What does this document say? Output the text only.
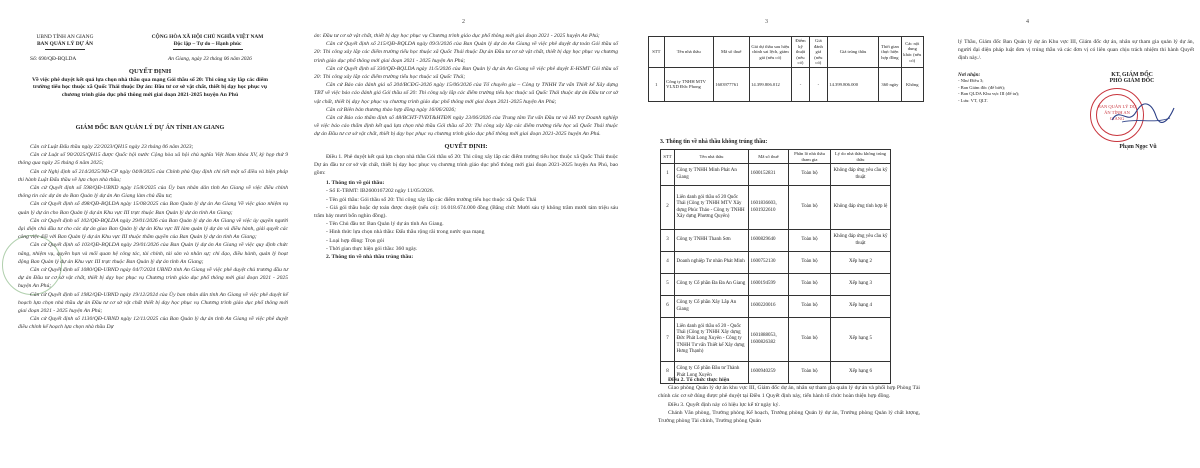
UBND TỈNH AN GIANG
BAN QUẢN LÝ DỰ ÁN
CỘNG HÒA XÃ HỘI CHỦ NGHĨA VIỆT NAM
Độc lập – Tự do – Hạnh phúc
Số: 690/QĐ-BQLDA	An Giang, ngày 23 tháng 06 năm 2026
QUYẾT ĐỊNH
Về việc phê duyệt kết quả lựa chọn nhà thầu qua mạng Gói thầu số 20: Thi công xây lắp các điểm trường tiểu học thuộc xã Quốc Thái thuộc Dự án: Đầu tư cơ sở vật chất, thiết bị dạy học phục vụ chương trình giáo dục phổ thông mới giai đoạn 2021-2025 huyện An Phú
GIÁM ĐỐC BAN QUẢN LÝ DỰ ÁN TỈNH AN GIANG
Căn cứ Luật Đấu thầu ngày 22/2023/QH15 ngày 23 tháng 06 năm 2023;
Căn cứ Luật số 90/2025/QH15 được Quốc hội nước Cộng hòa xã hội chủ nghĩa Việt Nam khóa XV, kỳ họp thứ 9 thông qua ngày 25 tháng 6 năm 2025;
Căn cứ Nghị định số 214/2025/NĐ-CP ngày 04/8/2025 của Chính phủ Quy định chi tiết một số điều và biện pháp thi hành Luật Đấu thầu về lựa chọn nhà thầu;
Căn cứ Quyết định số 598/QĐ-UBND ngày 15/8/2025 của Ủy ban nhân dân tỉnh An Giang về việc điều chỉnh thông tin các dự án do Ban Quản lý dự án An Giang làm chủ đầu tư;
Căn cứ Quyết định số 498/QĐ-BQLDA ngày 15/08/2025 của Ban Quản lý dự án An Giang Về việc giao nhiệm vụ quản lý dự án cho Ban Quản lý dự án Khu vực III trực thuộc Ban Quản lý dự án tỉnh An Giang;
Căn cứ Quyết định số 102/QĐ-BQLDA ngày 29/01/2026 của Ban Quản lý dự án An Giang về việc ủy quyền người đại diện chủ đầu tư cho các dự án giao Ban Quản lý dự án Khu vực III làm quản lý dự án và điều hành, giải quyết các công việc đối với Ban Quản lý dự án Khu vực III thuộc thẩm quyền của Ban Quản lý dự án tỉnh An Giang;
Căn cứ Quyết định số 103/QĐ-BQLDA ngày 29/01/2026 của Ban Quản lý dự án An Giang về việc quy định chức năng, nhiệm vụ, quyền hạn và mối quan hệ công tác, tài chính, tài sản và nhân sự; chi đạo, điều hành, quản lý hoạt động Ban Quản lý dự án Khu vực III trực thuộc Ban Quản lý dự án tỉnh An Giang;
Căn cứ Quyết định số 1080/QĐ-UBND ngày 04/7/2024 UBND tỉnh An Giang về việc phê duyệt chủ trương đầu tư dự án Đầu tư cơ sở vật chất, thiết bị dạy học phục vụ Chương trình giáo dục phổ thông mới giai đoạn 2021 - 2025 huyện An Phú;
Căn cứ Quyết định số 1982/QĐ-UBND ngày 19/12/2024 của Ủy ban nhân dân tỉnh An Giang về việc phê duyệt kế hoạch lựa chọn nhà thầu dự án Đầu tư cơ sở vật chất thiết bị dạy học phục vụ Chương trình giáo dục phổ thông mới giai đoạn 2021 - 2025 huyện An Phú;
Căn cứ Quyết định số 1130/QĐ-UBND ngày 12/11/2025 của Ban Quản lý dự án tỉnh An Giang về việc phê duyệt điều chỉnh kế hoạch lựa chọn nhà thầu Dự
2
án: Đầu tư cơ sở vật chất, thiết bị dạy học phục vụ Chương trình giáo dục phổ thông mới giai đoạn 2021 - 2025 huyện An Phú;
Căn cứ Quyết định số 215/QĐ-BQLDA ngày 09/3/2026 của Ban Quản lý dự án An Giang về việc phê duyệt dự toán Gói thầu số 20: Thi công xây lắp các điểm trường tiểu học thuộc xã Quốc Thái thuộc Dự án Đầu tư cơ sở vật chất, thiết bị dạy học phục vụ chương trình giáo dục phổ thông mới giai đoạn 2021 - 2025 huyện An Phú;
Căn cứ Quyết định số 330/QĐ-BQLDA ngày 11/5/2026 của Ban Quản lý dự án An Giang về việc phê duyệt E-HSMT Gói thầu số 20: Thi công xây lắp các điểm trường tiểu học thuộc xã Quốc Thái;
Căn cứ Báo cáo đánh giá số 204/BCĐG-2026 ngày 15/06/2026 của Tổ chuyên gia – Công ty TNHH Tư vấn Thiết kế Xây dựng TBT về việc báo cáo đánh giá Gói thầu số 20: Thi công xây lắp các điểm trường tiểu học thuộc xã Quốc Thái thuộc dự án Đầu tư cơ sở vật chất, thiết bị dạy học phục vụ chương trình giáo dục phổ thông mới giai đoạn 2021-2025 huyện An Phú;
Căn cứ Biên bản thương thảo hợp đồng ngày 16/06/2026;
Căn cứ Báo cáo thẩm định số 48/BCHT-TVĐT&HTĐN ngày 23/06/2026 của Trung tâm Tư vấn Đầu tư và Hỗ trợ Doanh nghiệp về việc báo cáo thẩm định kết quả lựa chọn nhà thầu Gói thầu số 20: Thi công xây lắp các điểm trường tiểu học xã Quốc Thái thuộc dự án Đầu tư cơ sở vật chất, thiết bị dạy học phục vụ chương trình giáo dục phổ thông mới giai đoạn 2021-2025 huyện An Phú.
QUYẾT ĐỊNH:
Điều 1. Phê duyệt kết quả lựa chọn nhà thầu Gói thầu số 20: Thi công xây lắp các điểm trường tiểu học thuộc xã Quốc Thái thuộc Dự án đầu tư cơ sở vật chất, thiết bị dạy học phục vụ chương trình giáo dục phổ thông mới giai đoạn 2021-2025 huyện An Phú, bao gồm:
1. Thông tin về gói thầu:
- Số E-TBMT: IB2600167202 ngày 11/05/2026.
- Tên gói thầu: Gói thầu số 20: Thi công xây lắp các điểm trường tiểu học thuộc xã Quốc Thái
- Giá gói thầu hoặc dự toán được duyệt (nếu có): 16.018.674.000 đồng (Bằng chữ: Mười sáu tỷ không trăm mười tám triệu sáu trăm bảy mươi bốn nghìn đồng).
- Tên Chủ đầu tư: Ban Quản lý dự án tỉnh An Giang.
- Hình thức lựa chọn nhà thầu: Đấu thầu rộng rãi trong nước qua mạng
- Loại hợp đồng: Trọn gói
- Thời gian thực hiện gói thầu: 360 ngày.
2. Thông tin về nhà thầu trúng thầu:
3
STT	Tên nhà thầu	Mã số thuế	Giá dự thầu sau hiệu chỉnh sai lệch, giảm giá (nếu có)	Điểm kỹ thuật (nếu có)	Giá đánh giá (nếu có)	Giá trúng thầu	Thời gian thực hiện hợp đồng	Các nội dung khác (nếu có)
1	Công ty TNHH MTV VLXD Đức Phong	1603977761	14.399.806.012	-	-	14.399.806.000	360 ngày	Không
3. Thông tin về nhà thầu không trúng thầu:
STT	Tên nhà thầu	Mã số thuế	Phần lô nhà thầu tham gia	Lý do nhà thầu không trúng thầu
1	Công ty TNHH Minh Phát An Giang	1600152831	Toàn bộ	Không đáp ứng yêu cầu kỹ thuật
2	Liên danh gói thầu số 20 Quốc Thái (Công ty TNHH MTV Xây dựng Phúc Thảo - Công ty TNHH Xây dựng Phương Quyên)	1601836603, 1601922610	Toàn bộ	Không đáp ứng tính hợp lệ
3	Công ty TNHH Thanh Sơn	1600829640	Toàn bộ	Không đáp ứng yêu cầu kỹ thuật
4	Doanh nghiệp Tư nhân Phát Minh	1600752130	Toàn bộ	Xếp hạng 2
5	Công ty Cổ phần Đa Đa An Giang	1600194599	Toàn bộ	Xếp hạng 3
6	Công ty Cổ phần Xây Lắp An Giang	1600220016	Toàn bộ	Xếp hạng 4
7	Liên danh gói thầu số 20 - Quốc Thái (Công ty TNHH Xây dựng Đức Phát Long Xuyên - Công ty TNHH Tư vấn Thiết kế Xây dựng Hưng Thạnh)	1601888053, 1600826382	Toàn bộ	Xếp hạng 5
8	Công ty Cổ phần Đầu tư Thành Phát Long Xuyên	1600940259	Toàn bộ	Xếp hạng 6
Điều 2. Tổ chức thực hiện
Giao phòng Quản lý dự án khu vực III, Giám đốc dự án, nhân sự tham gia quản lý dự án và phối hợp Phòng Tài chính các cơ sở đúng được phê duyệt tại Điều 1 Quyết định này, tiến hành tổ chức hoàn thiện hợp đồng.
Điều 3. Quyết định này có hiệu lực kể từ ngày ký.
Chánh Văn phòng, Trưởng phòng Kế hoạch, Trưởng phòng Quản lý dự án, Trưởng phòng Quản lý chất lượng, Trưởng phòng Tài chính, Trưởng phòng Quản
4
lý Thầu, Giám đốc Ban Quản lý dự án Khu vực III, Giám đốc dự án, nhân sự tham gia quản lý dự án, người đại diện pháp luật đơn vị trúng thầu và các đơn vị có liên quan chịu trách nhiệm thi hành Quyết định này./.
Nơi nhận:
- Như Điều 3;
- Ban Giám đốc (để biết);
- Ban QLDA Khu vực III (để tư);
- Lưu: VT, QLT.
KT. GIÁM ĐỐC
PHÓ GIÁM ĐỐC
BAN QUẢN LÝ DỰ ÁN TỈNH AN GIANG
Phạm Ngọc Vũ
